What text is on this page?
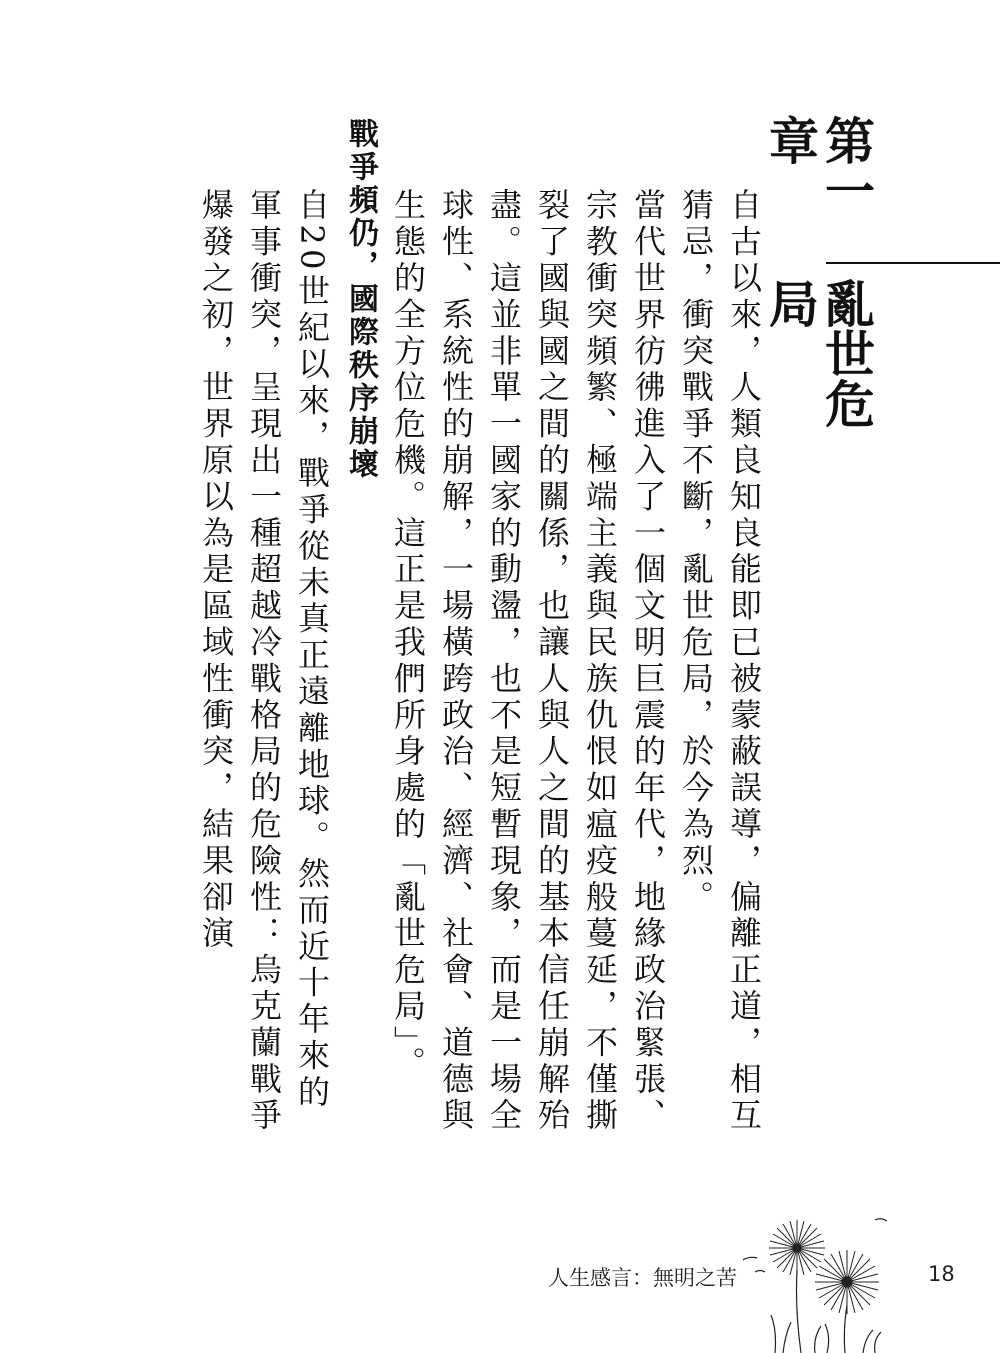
第一章
亂世危局

自古以來，人類良知良能即已被蒙蔽誤導，偏離正道，相互猜忌，衝突戰爭不斷，亂世危局，於今為烈。

當代世界彷彿進入了一個文明巨震的年代，地緣政治緊張、宗教衝突頻繁、極端主義與民族仇恨如瘟疫般蔓延，不僅撕裂了國與國之間的關係，也讓人與人之間的基本信任崩解殆盡。這並非單一國家的動盪，也不是短暫現象，而是一場全球性、系統性的崩解，一場橫跨政治、經濟、社會、道德與生態的全方位危機。這正是我們所身處的「亂世危局」。

戰爭頻仍，國際秩序崩壞

自20世紀以來，戰爭從未真正遠離地球。然而近十年來的軍事衝突，呈現出一種超越冷戰格局的危險性：烏克蘭戰爭爆發之初，世界原以為是區域性衝突，結果卻演

人生感言：無明之苦	18
